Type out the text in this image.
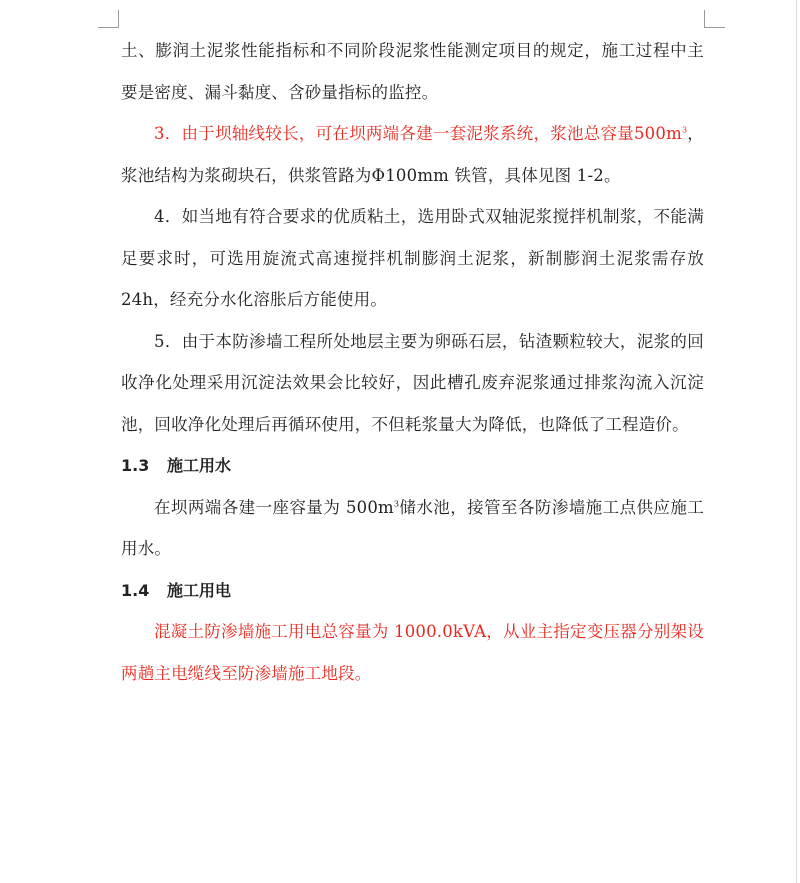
土、膨润土泥浆性能指标和不同阶段泥浆性能测定项目的规定，施工过程中主要是密度、漏斗黏度、含砂量指标的监控。

3．由于坝轴线较长，可在坝两端各建一套泥浆系统，浆池总容量$500m^3$，浆池结构为浆砌块石，供浆管路为Φ100mm 铁管，具体见图 1-2。

4．如当地有符合要求的优质粘土，选用卧式双轴泥浆搅拌机制浆，不能满足要求时，可选用旋流式高速搅拌机制膨润土泥浆，新制膨润土泥浆需存放 24h，经充分水化溶胀后方能使用。

5．由于本防渗墙工程所处地层主要为卵砾石层，钻渣颗粒较大，泥浆的回收净化处理采用沉淀法效果会比较好，因此槽孔废弃泥浆通过排浆沟流入沉淀池，回收净化处理后再循环使用，不但耗浆量大为降低，也降低了工程造价。

1.3 施工用水

在坝两端各建一座容量为 $500m^3$储水池，接管至各防渗墙施工点供应施工用水。

1.4 施工用电

混凝土防渗墙施工用电总容量为 1000.0kVA，从业主指定变压器分别架设两趟主电缆线至防渗墙施工地段。
